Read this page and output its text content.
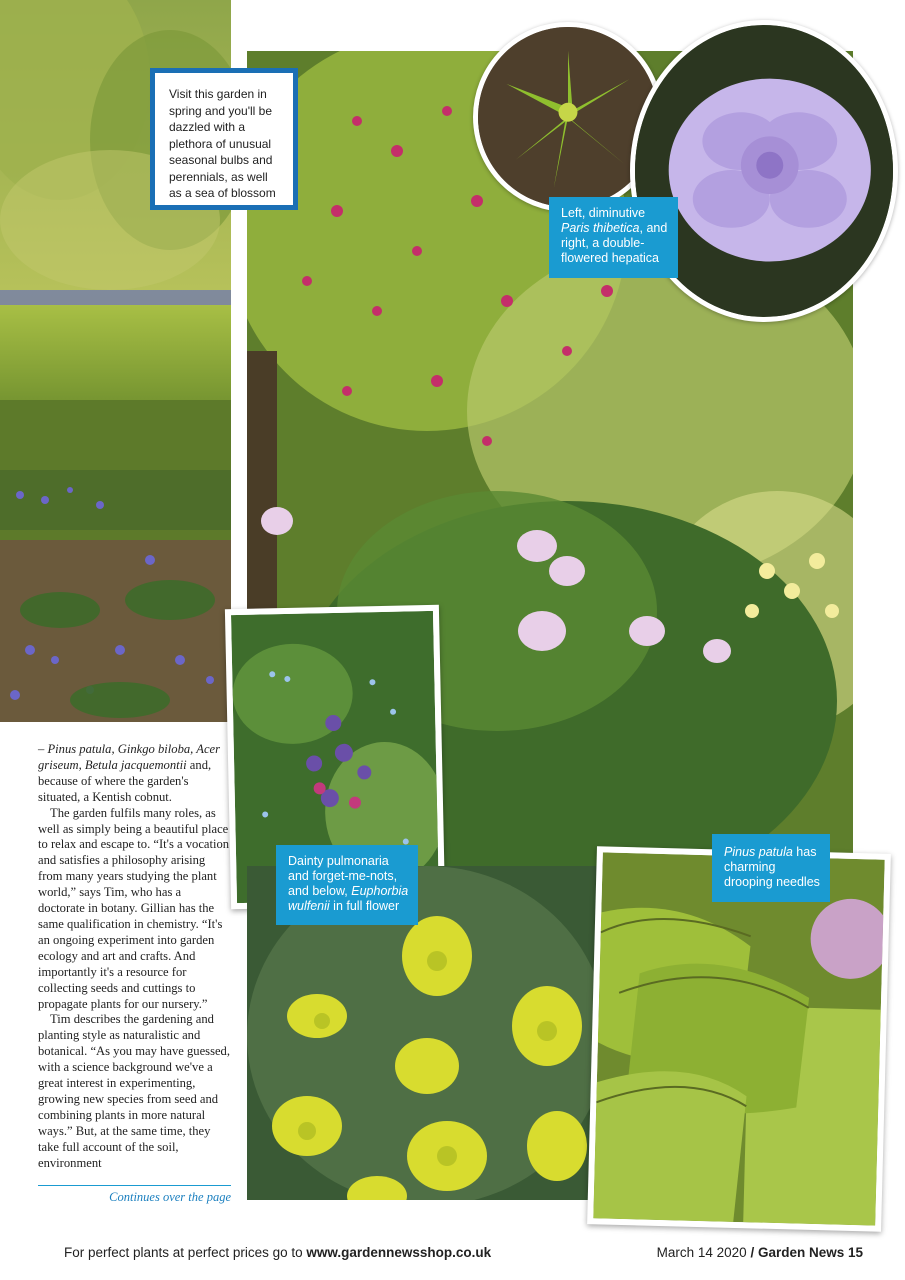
Visit this garden in spring and you'll be dazzled with a plethora of unusual seasonal bulbs and perennials, as well as a sea of blossom
Left, diminutive Paris thibetica, and right, a double-flowered hepatica
Dainty pulmonaria and forget-me-nots, and below, Euphorbia wulfenii in full flower
Pinus patula has charming drooping needles

– Pinus patula, Ginkgo biloba, Acer griseum, Betula jacquemontii and, because of where the garden's situated, a Kentish cobnut.

The garden fulfils many roles, as well as simply being a beautiful place to relax and escape to. “It's a vocation and satisfies a philosophy arising from many years studying the plant world,” says Tim, who has a doctorate in botany. Gillian has the same qualification in chemistry. “It's an ongoing experiment into garden ecology and art and crafts. And importantly it's a resource for collecting seeds and cuttings to propagate plants for our nursery.”

Tim describes the gardening and planting style as naturalistic and botanical. “As you may have guessed, with a science background we've a great interest in experimenting, growing new species from seed and combining plants in more natural ways.” But, at the same time, they take full account of the soil, environment

Continues over the page
For perfect plants at perfect prices go to www.gardennewsshop.co.uk	March 14 2020 / Garden News 15
